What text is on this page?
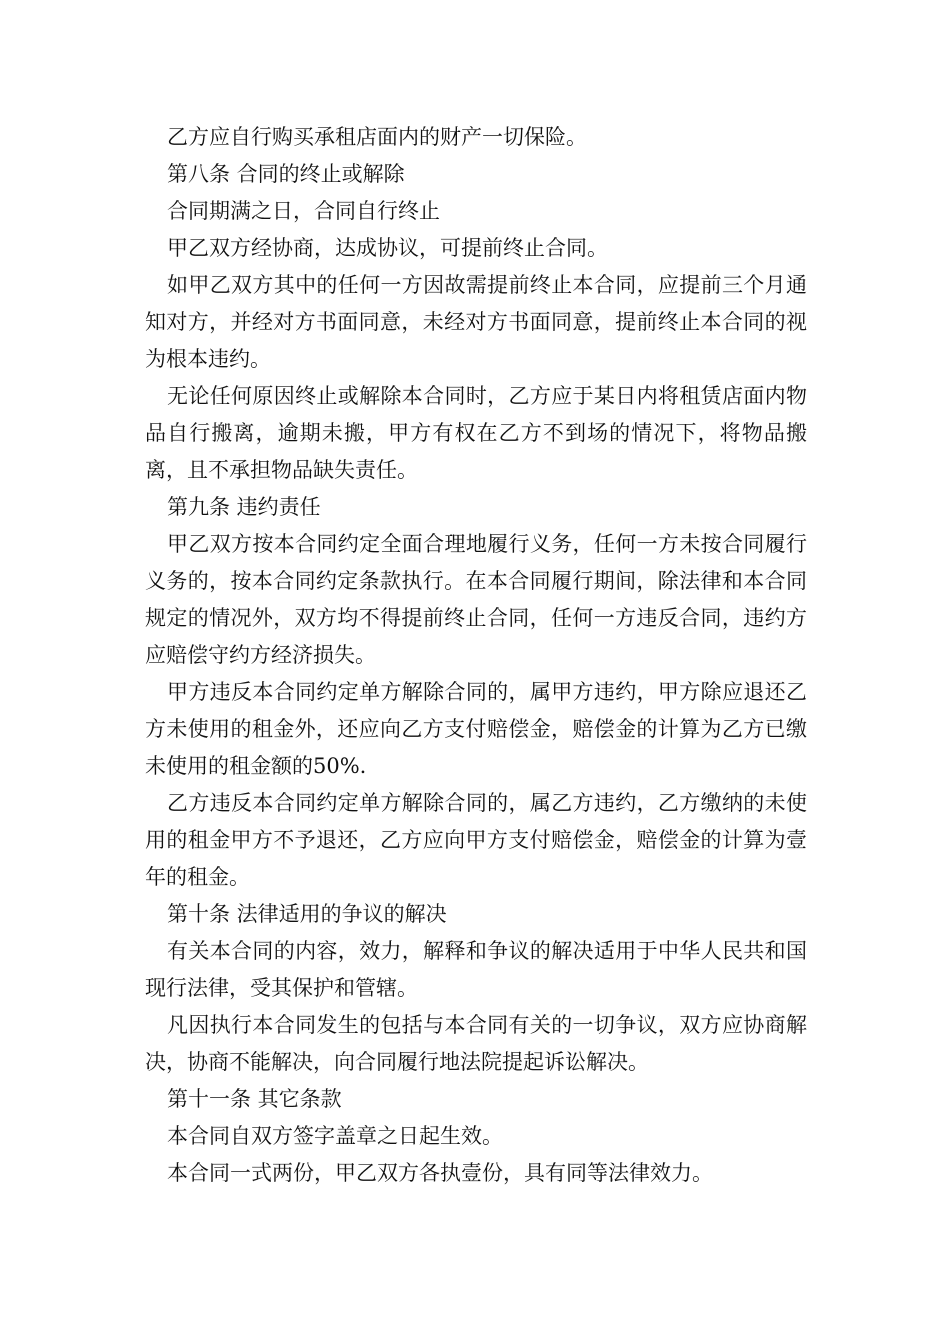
乙方应自行购买承租店面内的财产一切保险。

第八条 合同的终止或解除

合同期满之日，合同自行终止

甲乙双方经协商，达成协议，可提前终止合同。

如甲乙双方其中的任何一方因故需提前终止本合同，应提前三个月通知对方，并经对方书面同意，未经对方书面同意，提前终止本合同的视为根本违约。

无论任何原因终止或解除本合同时，乙方应于某日内将租赁店面内物品自行搬离，逾期未搬，甲方有权在乙方不到场的情况下，将物品搬离，且不承担物品缺失责任。

第九条 违约责任

甲乙双方按本合同约定全面合理地履行义务，任何一方未按合同履行义务的，按本合同约定条款执行。在本合同履行期间，除法律和本合同规定的情况外，双方均不得提前终止合同，任何一方违反合同，违约方应赔偿守约方经济损失。

甲方违反本合同约定单方解除合同的，属甲方违约，甲方除应退还乙方未使用的租金外，还应向乙方支付赔偿金，赔偿金的计算为乙方已缴未使用的租金额的50%.

乙方违反本合同约定单方解除合同的，属乙方违约，乙方缴纳的未使用的租金甲方不予退还，乙方应向甲方支付赔偿金，赔偿金的计算为壹年的租金。

第十条 法律适用的争议的解决

有关本合同的内容，效力，解释和争议的解决适用于中华人民共和国现行法律，受其保护和管辖。

凡因执行本合同发生的包括与本合同有关的一切争议，双方应协商解决，协商不能解决，向合同履行地法院提起诉讼解决。

第十一条 其它条款

本合同自双方签字盖章之日起生效。

本合同一式两份，甲乙双方各执壹份，具有同等法律效力。
